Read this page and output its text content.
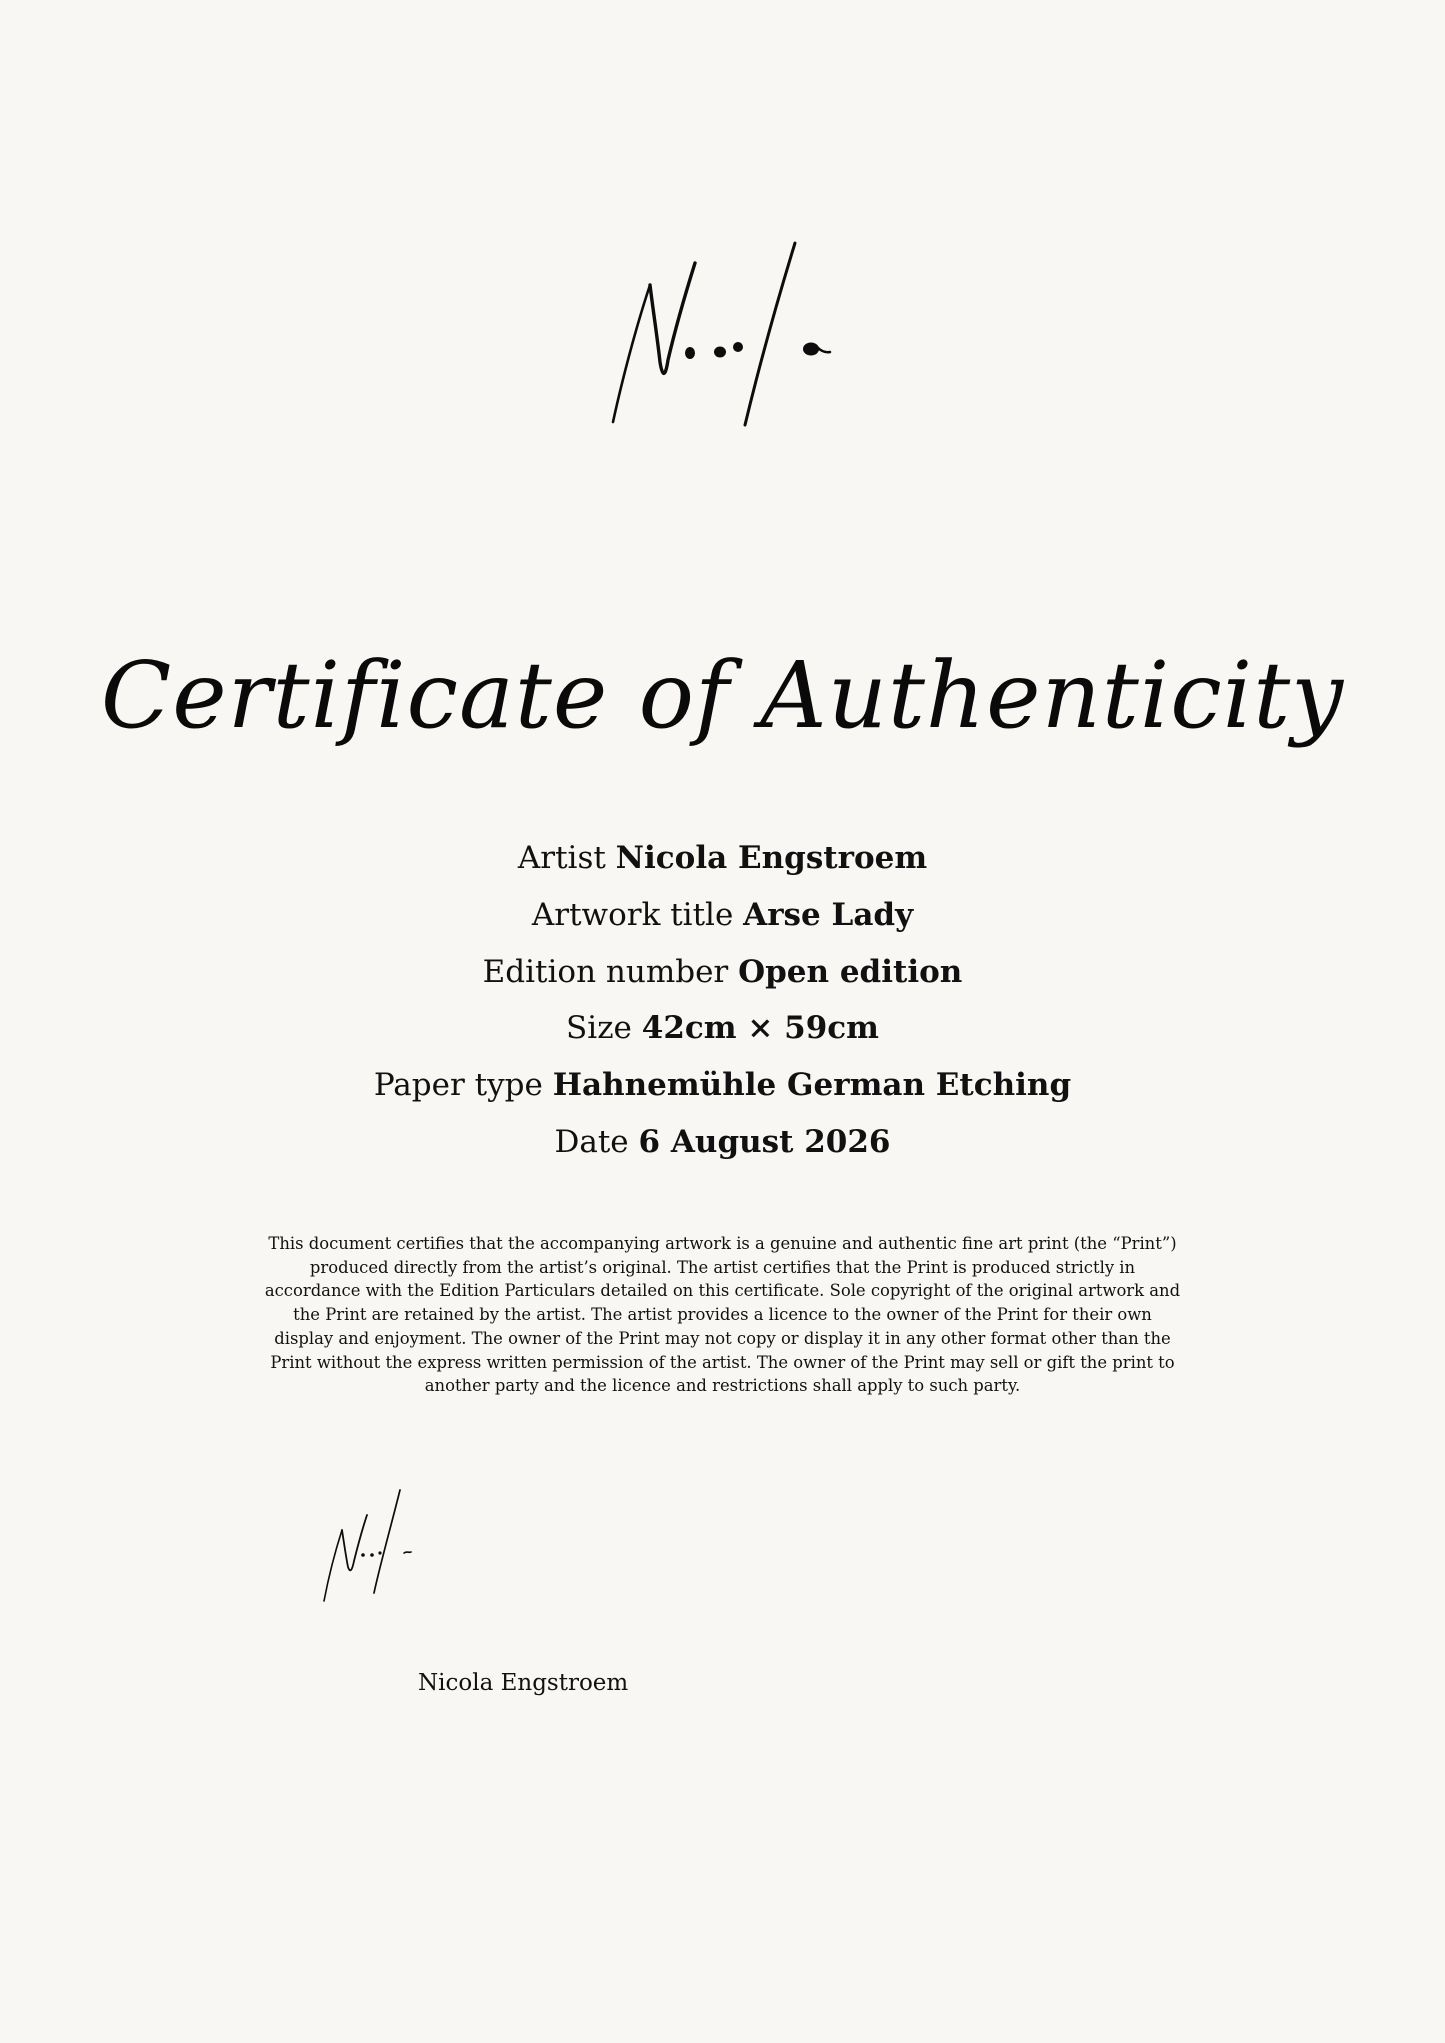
Certificate of Authenticity
Artist Nicola Engstroem
Artwork title Arse Lady
Edition number Open edition
Size 42cm × 59cm
Paper type Hahnemühle German Etching
Date 6 August 2026

This document certifies that the accompanying artwork is a genuine and authentic fine art print (the “Print”) produced directly from the artist’s original. The artist certifies that the Print is produced strictly in accordance with the Edition Particulars detailed on this certificate. Sole copyright of the original artwork and the Print are retained by the artist. The artist provides a licence to the owner of the Print for their own display and enjoyment. The owner of the Print may not copy or display it in any other format other than the Print without the express written permission of the artist. The owner of the Print may sell or gift the print to another party and the licence and restrictions shall apply to such party.

Nicola Engstroem
